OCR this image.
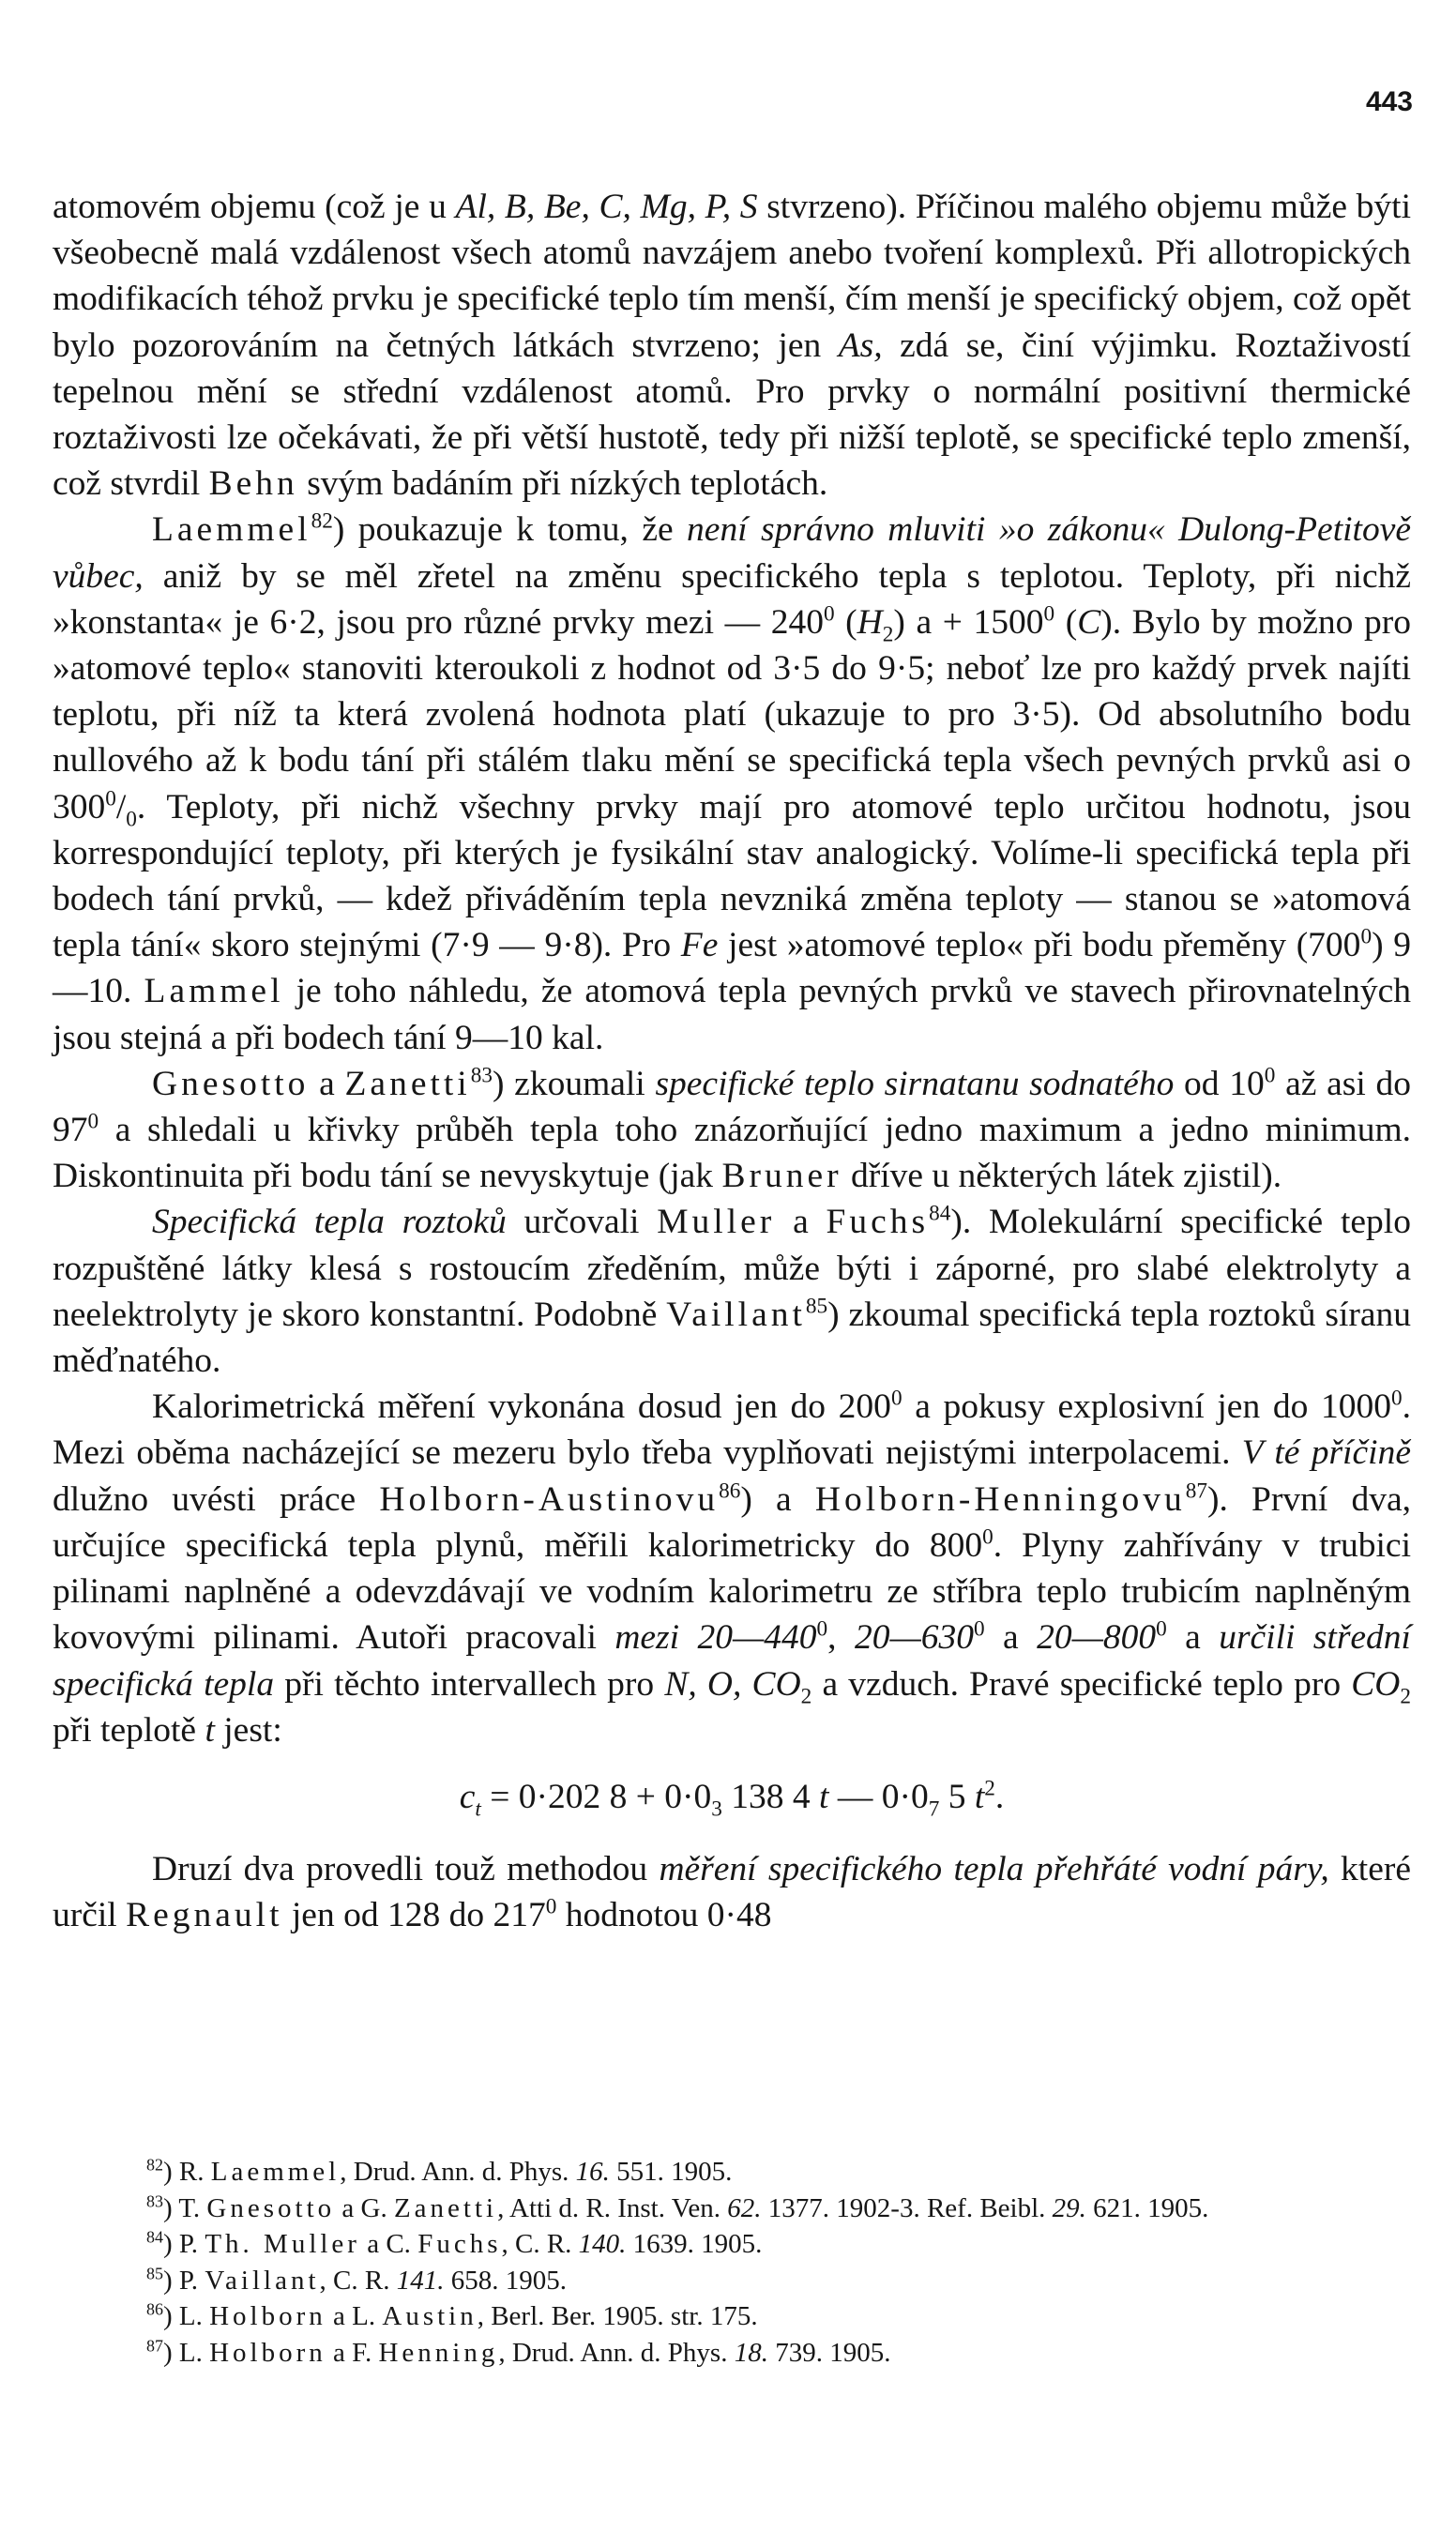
443

atomovém objemu (což je u Al, B, Be, C, Mg, P, S stvrzeno). Příčinou malého objemu může býti všeobecně malá vzdálenost všech atomů navzájem anebo tvoření komplexů. Při allotropických modifikacích téhož prvku je specifické teplo tím menší, čím menší je specifický objem, což opět bylo pozorováním na četných látkách stvrzeno; jen As, zdá se, činí výjimku. Roztaživostí tepelnou mění se střední vzdálenost atomů. Pro prvky o normální positivní thermické roztaživosti lze očekávati, že při větší hustotě, tedy při nižší teplotě, se specifické teplo zmenší, což stvrdil Behn svým badáním při nízkých teplotách.

Laemmel$^{82}$) poukazuje k tomu, že není správno mluviti »o zákonu« Dulong-Petitově vůbec, aniž by se měl zřetel na změnu specifického tepla s teplotou. Teploty, při nichž »konstanta« je 6·2, jsou pro různé prvky mezi — $240^0$ $(H_2) a + 1500^0$ (C). Bylo by možno pro »atomové teplo« stanoviti kteroukoli z hodnot od 3·5 do 9·5; neboť lze pro každý prvek najíti teplotu, při níž ta která zvolená hodnota platí (ukazuje to pro 3·5). Od absolutního bodu nullového až k bodu tání při stálém tlaku mění se specifická tepla všech pevných prvků asi o $300^0/_0$. Teploty, při nichž všechny prvky mají pro atomové teplo určitou hodnotu, jsou korrespondující teploty, při kterých je fysikální stav analogický. Volíme-li specifická tepla při bodech tání prvků, — kdež přiváděním tepla nevzniká změna teploty — stanou se »atomová tepla tání« skoro stejnými (7·9 — 9·8). Pro Fe jest »atomové teplo« při bodu přeměny $(700^0)$ 9—10. Lammel je toho náhledu, že atomová tepla pevných prvků ve stavech přirovnatelných jsou stejná a při bodech tání 9—10 kal.

Gnesotto a Zanetti$^{83}$) zkoumali specifické teplo sirnatanu sodnatého od $10^0$ až asi do $97^0$ a shledali u křivky průběh tepla toho znázorňující jedno maximum a jedno minimum. Diskontinuita při bodu tání se nevyskytuje (jak Bruner dříve u některých látek zjistil).

Specifická tepla roztoků určovali Muller a Fuchs$^{84}$). Molekulární specifické teplo rozpuštěné látky klesá s rostoucím zředěním, může býti i záporné, pro slabé elektrolyty a neelektrolyty je skoro konstantní. Podobně Vaillant$^{85}$) zkoumal specifická tepla roztoků síranu měďnatého.

Kalorimetrická měření vykonána dosud jen do $200^0$ a pokusy explosivní jen do 1000$^0$. Mezi oběma nacházející se mezeru bylo třeba vyplňovati nejistými interpolacemi. V té příčině dlužno uvésti práce Holborn-Austinovu$^{86}$) a Holborn-Henningovu$^{87}$). První dva, určujíce specifická tepla plynů, měřili kalorimetricky do $800^0$. Plyny zahřívány v trubici pilinami naplněné a odevzdávají ve vodním kalorimetru ze stříbra teplo trubicím naplněným kovovými pilinami. Autoři pracovali mezi $20—440^0$, $20—630^0$ a $20—800^0$ a určili střední specifická tepla při těchto intervallech pro N, O, $CO_2$ a vzduch. Pravé specifické teplo pro $CO_2$ při teplotě t jest:

$c_t = 0\cdot 202$ $8 + 0\cdot 0_3$ 138 4 t — $0\cdot 0_7$ 5 $t^2$.

Druzí dva provedli touž methodou měření specifického tepla přehřáté vodní páry, které určil Regnault jen od 128 do $217^0$ hodnotou 0·48

$^{82}$) R. Laemmel, Drud. Ann. d. Phys. 16. 551. 1905.

$^{83}$) T. Gnesotto a G. Zanetti, Atti d. R. Inst. Ven. 62. 1377. 1902-3. Ref. Beibl. 29. 621. 1905.

$^{84}$) P. Th. Muller a C. Fuchs, C. R. 140. 1639. 1905.

$^{85}$) P. Vaillant, C. R. 141. 658. 1905.

$^{86}$) L. Holborn a L. Austin, Berl. Ber. 1905. str. 175.

$^{87}$) L. Holborn a F. Henning, Drud. Ann. d. Phys. 18. 739. 1905.
